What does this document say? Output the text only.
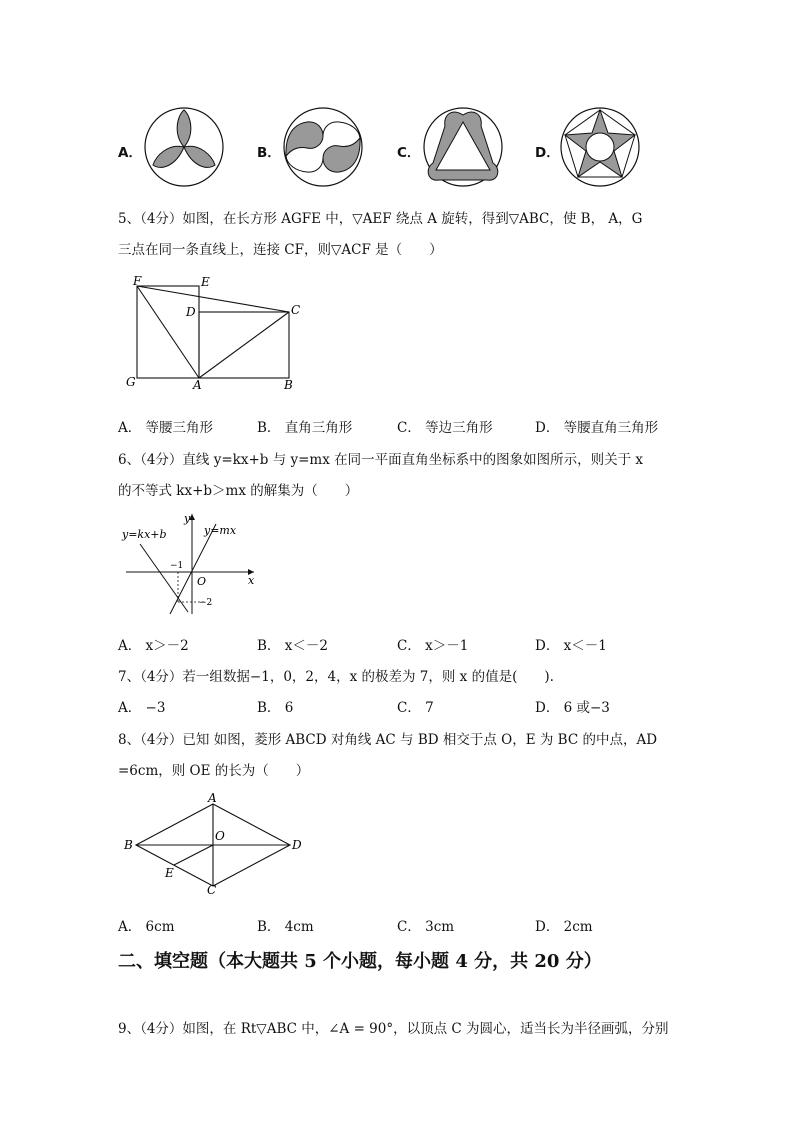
A．	B．	C．	D．
5、（4分）如图，在长方形 AGFE 中，▽AEF 绕点 A 旋转，得到▽ABC，使 B， A，G
三点在同一条直线上，连接 CF，则▽ACF 是（　　）
F	E
D	C
G	A	B
A． 等腰三角形	B． 直角三角形	C． 等边三角形	D． 等腰直角三角形
6、（4分）直线 y=kx+b 与 y=mx 在同一平面直角坐标系中的图象如图所示，则关于 x
的不等式 kx+b＞mx 的解集为（　　）
y=kx+b	y=mx
y
x
O
−1
−2
A． x＞－2	B． x＜－2	C． x＞－1	D． x＜－1
7、（4分）若一组数据−1，0，2，4，x 的极差为 7，则 x 的值是(　　).
A． −3	B． 6	C． 7	D． 6 或−3
8、（4分）已知 如图，菱形 ABCD 对角线 AC 与 BD 相交于点 O，E 为 BC 的中点，AD
=6cm，则 OE 的长为（　　）
A
B
C
D
O
E
A． 6cm	B． 4cm	C． 3cm	D． 2cm
二、填空题（本大题共 5 个小题，每小题 4 分，共 20 分）
9、（4分）如图，在 Rt▽ABC 中，∠A = 90°，以顶点 C 为圆心，适当长为半径画弧，分别
